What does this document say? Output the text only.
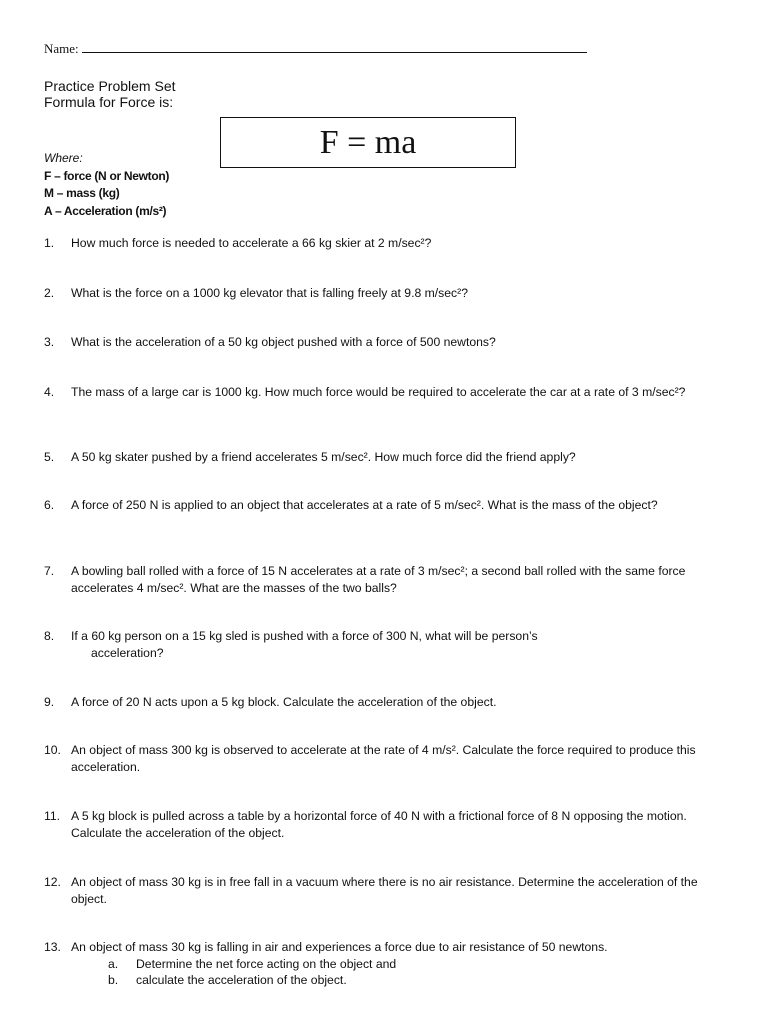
Name:
Practice Problem Set
Formula for Force is:
F = ma
Where:
F – force (N or Newton)
M – mass (kg)
A – Acceleration (m/s²)
1. How much force is needed to accelerate a 66 kg skier at 2 m/sec²?
2. What is the force on a 1000 kg elevator that is falling freely at 9.8 m/sec²?
3. What is the acceleration of a 50 kg object pushed with a force of 500 newtons?
4. The mass of a large car is 1000 kg. How much force would be required to accelerate the car at a rate of 3 m/sec²?
5. A 50 kg skater pushed by a friend accelerates 5 m/sec². How much force did the friend apply?
6. A force of 250 N is applied to an object that accelerates at a rate of 5 m/sec². What is the mass of the object?
7. A bowling ball rolled with a force of 15 N accelerates at a rate of 3 m/sec²; a second ball rolled with the same force accelerates 4 m/sec². What are the masses of the two balls?
8. If a 60 kg person on a 15 kg sled is pushed with a force of 300 N, what will be person’s
acceleration?
9. A force of 20 N acts upon a 5 kg block. Calculate the acceleration of the object.
10. An object of mass 300 kg is observed to accelerate at the rate of 4 m/s². Calculate the force required to produce this acceleration.
11. A 5 kg block is pulled across a table by a horizontal force of 40 N with a frictional force of 8 N opposing the motion. Calculate the acceleration of the object.
12. An object of mass 30 kg is in free fall in a vacuum where there is no air resistance. Determine the acceleration of the object.
13. An object of mass 30 kg is falling in air and experiences a force due to air resistance of 50 newtons.
a. Determine the net force acting on the object and
b. calculate the acceleration of the object.
